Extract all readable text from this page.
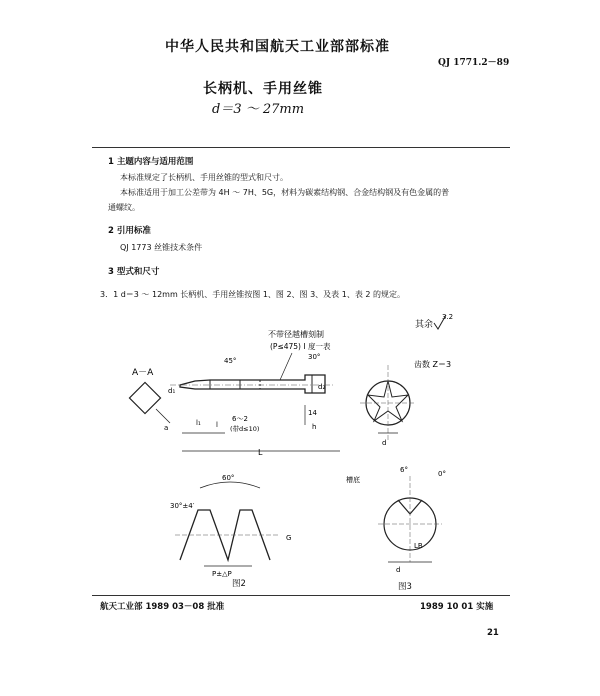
中华人民共和国航天工业部部标准
QJ 1771.2－89
长柄机、手用丝锥
d＝3 ～ 27mm
1 主题内容与适用范围
本标准规定了长柄机、手用丝锥的型式和尺寸。
本标准适用于加工公差带为 4H ～ 7H、5G，材料为碳素结构钢、合金结构钢及有色金属的普
通螺纹。
2 引用标准
QJ 1773 丝锥技术条件
3 型式和尺寸
3．1 d＝3 ～ 12mm 长柄机、手用丝锥按图 1、图 2、图 3、及表 1、表 2 的规定。
其余
3.2
A－A
a
不带径越槽刻制
(P≤475) I 度一表
45°	30°
d₁
l₁ l
L
6～2
(带d≤10)
14
h
d₂
齿数 Z＝3
d
60°
30°±4′
P±△P
G
图2
槽底
6°	0°
LB
d
图3
航天工业部 1989 03－08 批准	1989 10 01 实施
21
